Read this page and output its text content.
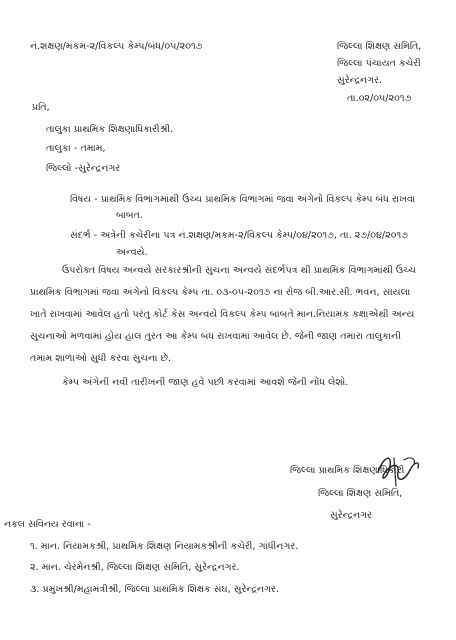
નં.શક્ષણ/મકમ-૨/વિકલ્પ કેમ્પ/બંધ/૦૫/૨૦૧૭	જિલ્લા શિક્ષણ સમિતિ,
જિલ્લા પંચાયત કચેરી
સુરેન્દ્રનગર.
તા.૦૨/૦૫/૨૦૧૭
પ્રતિ,
તાલુકા પ્રાથમિક શિક્ષણાધિકારીશ્રી.
તાલુકા - તમામ,
જિલ્લો -સુરેન્દ્રનગર
વિષય - પ્રાથમિક વિભાગમાંથી ઉચ્ચ પ્રાથમિક વિભાગમાં જવા અંગેનો વિકલ્પ કેમ્પ બંધ રાખવા
બાબત.
સંદર્ભ - અત્રેની કચેરીના પત્ર નં.શક્ષણ/મકમ-૨/વિકલ્પ કેમ્પ/૦૪/૨૦૧૭, તા. ૨૭/૦૪/૨૦૧૭
અન્વયે.
ઉપરોક્ત વિષય અન્વયે સરકારશ્રીની સુચના અન્વયે સંદર્ભપત્ર થી પ્રાથમિક વિભાગમાંથી ઉચ્ચ
પ્રાથમિક વિભાગમાં જવા અંગેનો વિકલ્પ કેમ્પ તા. ૦૩-૦૫-૨૦૧૭ ના રોજ બી.આર.સી. ભવન, સાયલા
ખાતે રાખવામાં આવેલ હતો પરંતુ કોર્ટ કેસ અન્વયે વિકલ્પ કેમ્પ બાબતે માન.નિયામક કક્ષાએથી અન્ય
સુચનાઓ મળવામાં હોય હાલ તુરત આ કેમ્પ બંધ રાખવામાં આવેલ છે. જેની જાણ તમારા તાલુકાની
તમામ શાળાઓ સુધી કરવા સુચના છે.
કેમ્પ અંગેની નવી તારીખની જાણ હવે પછી કરવામાં આવશે જેની નોંધ લેશો.
જિલ્લા પ્રાથમિક શિક્ષણાધિકારી
જિલ્લા શિક્ષણ સમિતિ,
સુરેન્દ્રનગર
નકલ સવિનય રવાના -
૧. માન. નિયામકશ્રી, પ્રાથમિક શિક્ષણ નિયામકશ્રીની કચેરી, ગાંધીનગર.
૨. માન. ચેરમેનશ્રી, જિલ્લા શિક્ષણ સમિતિ, સુરેન્દ્રનગર.
૩. પ્રમુખશ્રી/મહામંત્રીશ્રી, જિલ્લા પ્રાથમિક શિક્ષક સંઘ, સુરેન્દ્રનગર.
